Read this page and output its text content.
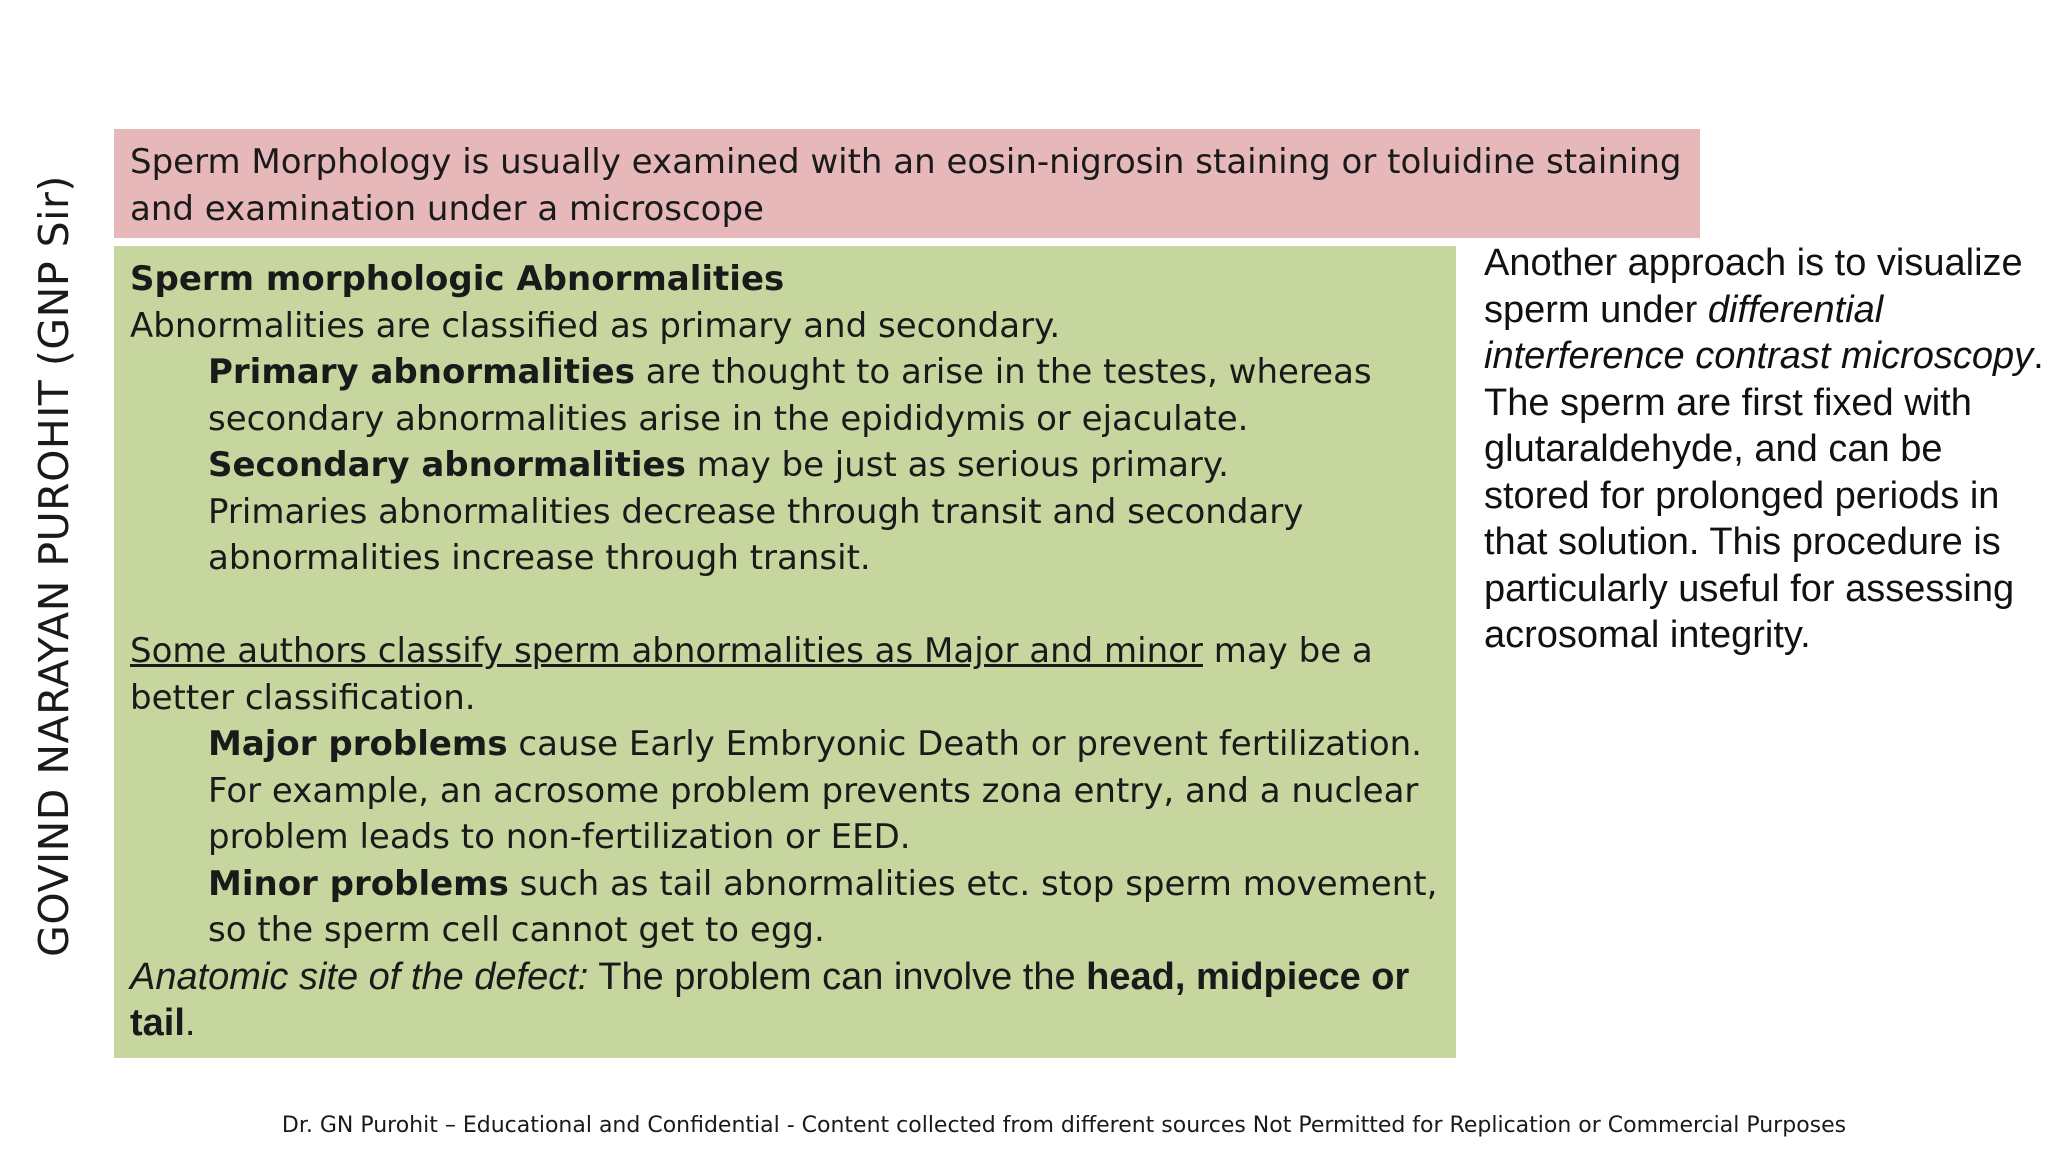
GOVIND NARAYAN PUROHIT (GNP Sir)
Sperm Morphology is usually examined with an eosin-nigrosin staining or toluidine staining and examination under a microscope

Sperm morphologic Abnormalities

Abnormalities are classified as primary and secondary.

Primary abnormalities are thought to arise in the testes, whereas secondary abnormalities arise in the epididymis or ejaculate.

Secondary abnormalities may be just as serious primary.

Primaries abnormalities decrease through transit and secondary abnormalities increase through transit.

Some authors classify sperm abnormalities as Major and minor may be a better classification.

Major problems cause Early Embryonic Death or prevent fertilization.

For example, an acrosome problem prevents zona entry, and a nuclear problem leads to non-fertilization or EED.

Minor problems such as tail abnormalities etc. stop sperm movement, so the sperm cell cannot get to egg.

Anatomic site of the defect: The problem can involve the head, midpiece or tail.

Another approach is to visualize sperm under differential interference contrast microscopy. The sperm are first fixed with glutaraldehyde, and can be stored for prolonged periods in that solution. This procedure is particularly useful for assessing acrosomal integrity.
Dr. GN Purohit – Educational and Confidential - Content collected from different sources Not Permitted for Replication or Commercial Purposes
